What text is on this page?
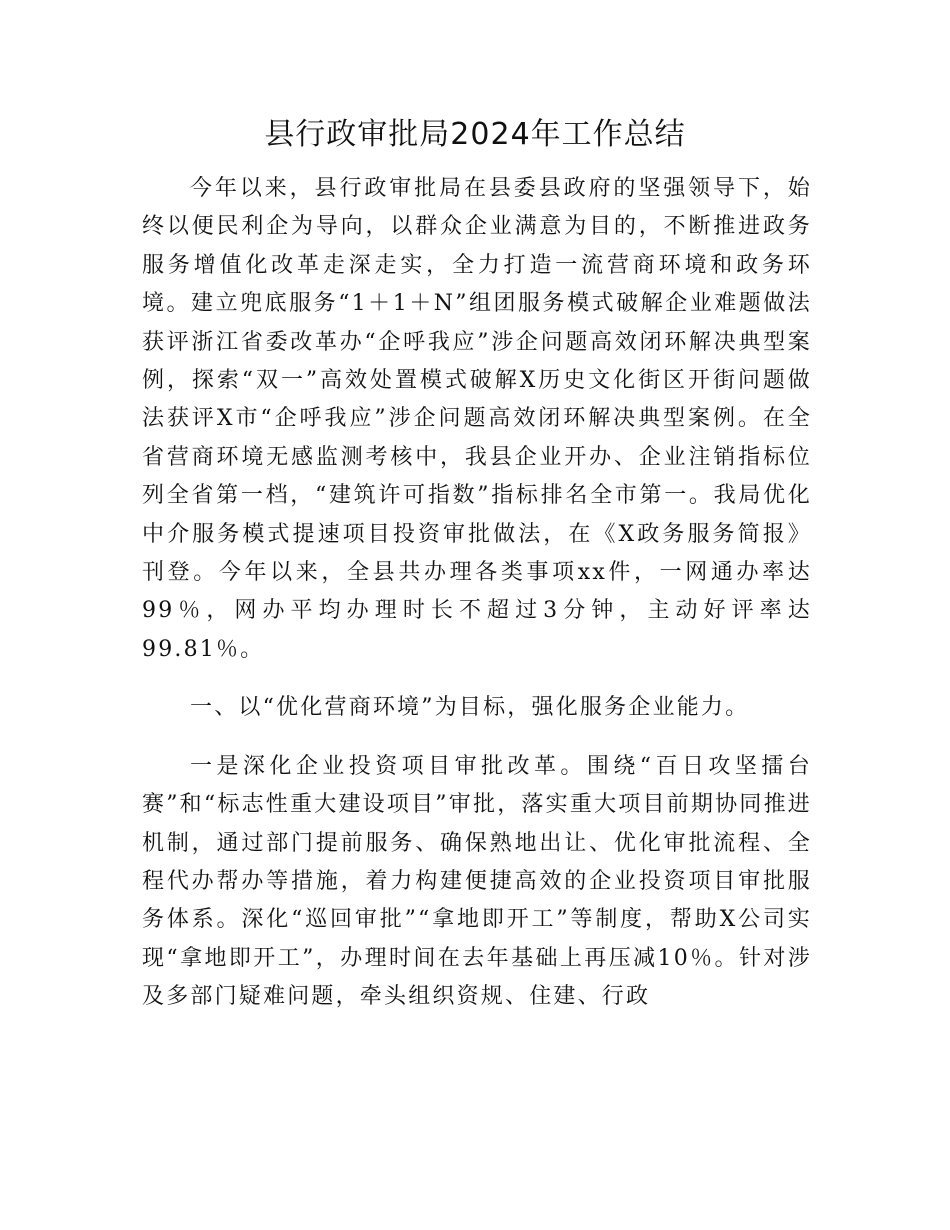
县行政审批局2024年工作总结

今年以来，县行政审批局在县委县政府的坚强领导下，始终以便民利企为导向，以群众企业满意为目的，不断推进政务服务增值化改革走深走实，全力打造一流营商环境和政务环境。建立兜底服务“1＋1＋N”组团服务模式破解企业难题做法获评浙江省委改革办“企呼我应”涉企问题高效闭环解决典型案例，探索“双一”高效处置模式破解X历史文化街区开街问题做法获评X市“企呼我应”涉企问题高效闭环解决典型案例。在全省营商环境无感监测考核中，我县企业开办、企业注销指标位列全省第一档，“建筑许可指数”指标排名全市第一。我局优化中介服务模式提速项目投资审批做法，在《X政务服务简报》刊登。今年以来，全县共办理各类事项xx件，一网通办率达99％，网办平均办理时长不超过3分钟，主动好评率达99.81％。

一、以“优化营商环境”为目标，强化服务企业能力。

一是深化企业投资项目审批改革。围绕“百日攻坚擂台赛”和“标志性重大建设项目”审批，落实重大项目前期协同推进机制，通过部门提前服务、确保熟地出让、优化审批流程、全程代办帮办等措施，着力构建便捷高效的企业投资项目审批服务体系。深化“巡回审批”“拿地即开工”等制度，帮助X公司实现“拿地即开工”，办理时间在去年基础上再压减10％。针对涉及多部门疑难问题，牵头组织资规、住建、行政
